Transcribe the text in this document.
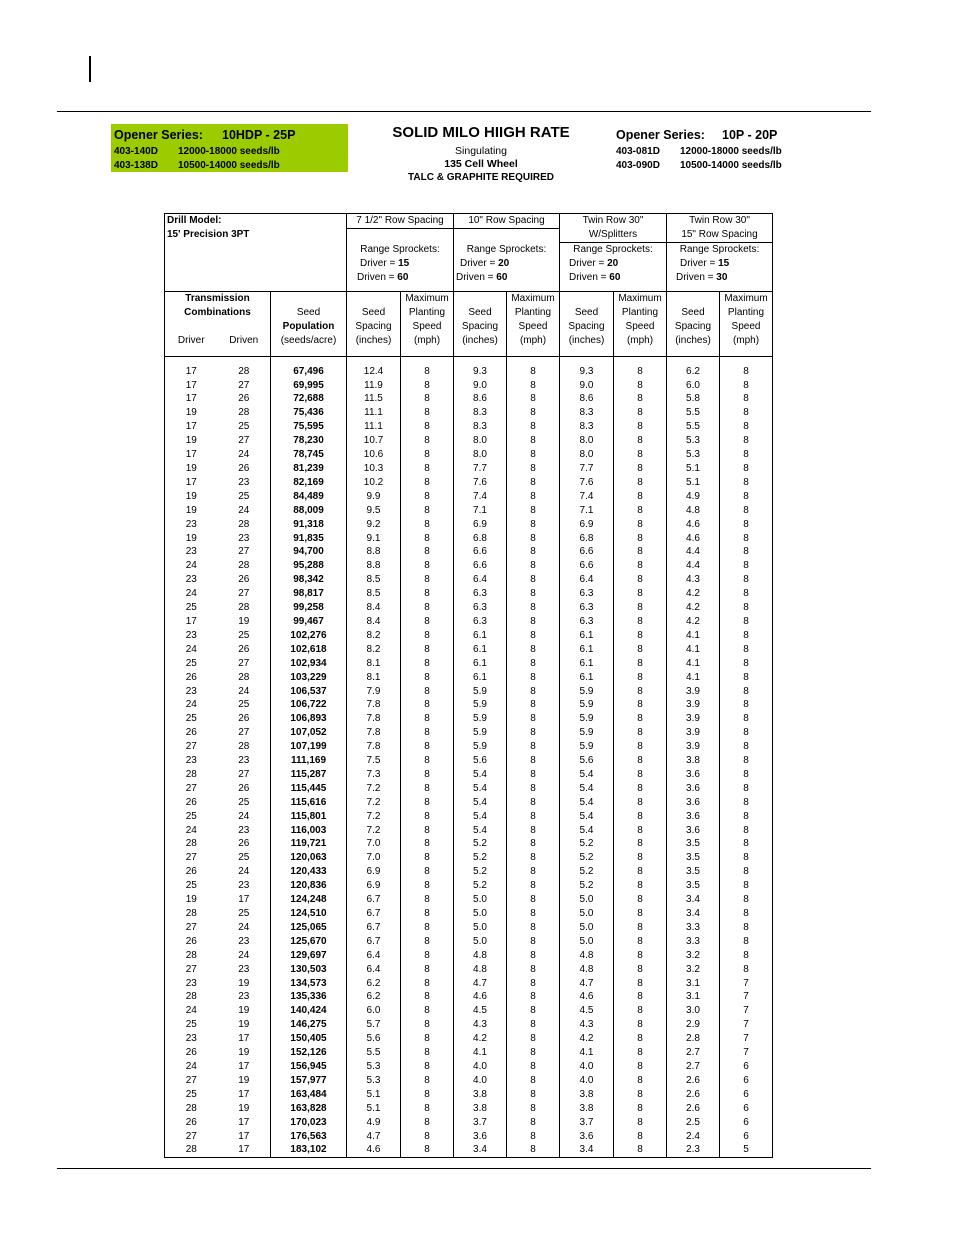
Opener Series: 10HDP - 25P
403-140D 12000-18000 seeds/lb
403-138D 10500-14000 seeds/lb
SOLID MILO HIIGH RATE
Singulating
135 Cell Wheel
TALC & GRAPHITE REQUIRED
Opener Series: 10P - 20P
403-081D 12000-18000 seeds/lb
403-090D 10500-14000 seeds/lb
Drill Model:			7 1/2" Row Spacing		10" Row Spacing		Twin Row 30"		Twin Row 30"	
15' Precision 3PT							W/Splitters		15" Row Spacing	
			Range Sprockets:		Range Sprockets:		Range Sprockets:		Range Sprockets:	
			Driver = 15		Driver = 20		Driver = 20		Driver = 15	
			Driven = 60		Driven = 60		Driven = 60		Driven = 30	

Transmission				Maximum		Maximum		Maximum		Maximum
Combinations		Seed	Seed	Planting	Seed	Planting	Seed	Planting	Seed	Planting
		Population	Spacing	Speed	Spacing	Speed	Spacing	Speed	Spacing	Speed
Driver	Driven	(seeds/acre)	(inches)	(mph)	(inches)	(mph)	(inches)	(mph)	(inches)	(mph)

17	28	67,496	12.4	8	9.3	8	9.3	8	6.2	8
17	27	69,995	11.9	8	9.0	8	9.0	8	6.0	8
17	26	72,688	11.5	8	8.6	8	8.6	8	5.8	8
19	28	75,436	11.1	8	8.3	8	8.3	8	5.5	8
17	25	75,595	11.1	8	8.3	8	8.3	8	5.5	8
19	27	78,230	10.7	8	8.0	8	8.0	8	5.3	8
17	24	78,745	10.6	8	8.0	8	8.0	8	5.3	8
19	26	81,239	10.3	8	7.7	8	7.7	8	5.1	8
17	23	82,169	10.2	8	7.6	8	7.6	8	5.1	8
19	25	84,489	9.9	8	7.4	8	7.4	8	4.9	8
19	24	88,009	9.5	8	7.1	8	7.1	8	4.8	8
23	28	91,318	9.2	8	6.9	8	6.9	8	4.6	8
19	23	91,835	9.1	8	6.8	8	6.8	8	4.6	8
23	27	94,700	8.8	8	6.6	8	6.6	8	4.4	8
24	28	95,288	8.8	8	6.6	8	6.6	8	4.4	8
23	26	98,342	8.5	8	6.4	8	6.4	8	4.3	8
24	27	98,817	8.5	8	6.3	8	6.3	8	4.2	8
25	28	99,258	8.4	8	6.3	8	6.3	8	4.2	8
17	19	99,467	8.4	8	6.3	8	6.3	8	4.2	8
23	25	102,276	8.2	8	6.1	8	6.1	8	4.1	8
24	26	102,618	8.2	8	6.1	8	6.1	8	4.1	8
25	27	102,934	8.1	8	6.1	8	6.1	8	4.1	8
26	28	103,229	8.1	8	6.1	8	6.1	8	4.1	8
23	24	106,537	7.9	8	5.9	8	5.9	8	3.9	8
24	25	106,722	7.8	8	5.9	8	5.9	8	3.9	8
25	26	106,893	7.8	8	5.9	8	5.9	8	3.9	8
26	27	107,052	7.8	8	5.9	8	5.9	8	3.9	8
27	28	107,199	7.8	8	5.9	8	5.9	8	3.9	8
23	23	111,169	7.5	8	5.6	8	5.6	8	3.8	8
28	27	115,287	7.3	8	5.4	8	5.4	8	3.6	8
27	26	115,445	7.2	8	5.4	8	5.4	8	3.6	8
26	25	115,616	7.2	8	5.4	8	5.4	8	3.6	8
25	24	115,801	7.2	8	5.4	8	5.4	8	3.6	8
24	23	116,003	7.2	8	5.4	8	5.4	8	3.6	8
28	26	119,721	7.0	8	5.2	8	5.2	8	3.5	8
27	25	120,063	7.0	8	5.2	8	5.2	8	3.5	8
26	24	120,433	6.9	8	5.2	8	5.2	8	3.5	8
25	23	120,836	6.9	8	5.2	8	5.2	8	3.5	8
19	17	124,248	6.7	8	5.0	8	5.0	8	3.4	8
28	25	124,510	6.7	8	5.0	8	5.0	8	3.4	8
27	24	125,065	6.7	8	5.0	8	5.0	8	3.3	8
26	23	125,670	6.7	8	5.0	8	5.0	8	3.3	8
28	24	129,697	6.4	8	4.8	8	4.8	8	3.2	8
27	23	130,503	6.4	8	4.8	8	4.8	8	3.2	8
23	19	134,573	6.2	8	4.7	8	4.7	8	3.1	7
28	23	135,336	6.2	8	4.6	8	4.6	8	3.1	7
24	19	140,424	6.0	8	4.5	8	4.5	8	3.0	7
25	19	146,275	5.7	8	4.3	8	4.3	8	2.9	7
23	17	150,405	5.6	8	4.2	8	4.2	8	2.8	7
26	19	152,126	5.5	8	4.1	8	4.1	8	2.7	7
24	17	156,945	5.3	8	4.0	8	4.0	8	2.7	6
27	19	157,977	5.3	8	4.0	8	4.0	8	2.6	6
25	17	163,484	5.1	8	3.8	8	3.8	8	2.6	6
28	19	163,828	5.1	8	3.8	8	3.8	8	2.6	6
26	17	170,023	4.9	8	3.7	8	3.7	8	2.5	6
27	17	176,563	4.7	8	3.6	8	3.6	8	2.4	6
28	17	183,102	4.6	8	3.4	8	3.4	8	2.3	5
